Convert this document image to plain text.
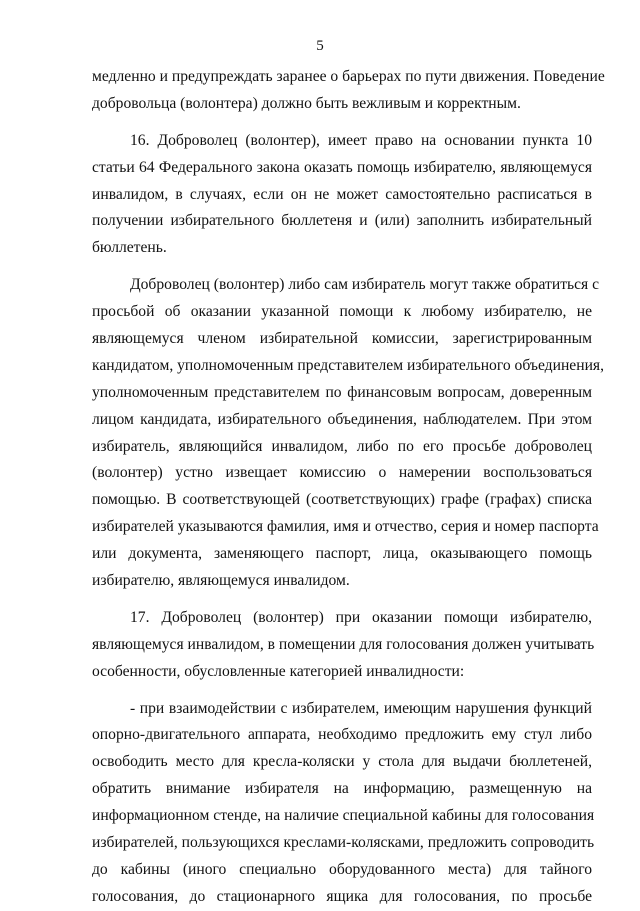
5
медленно и предупреждать заранее о барьерах по пути движения. Поведение
добровольца (волонтера) должно быть вежливым и корректным.
16. Доброволец (волонтер), имеет право на основании пункта 10
статьи 64 Федерального закона оказать помощь избирателю, являющемуся
инвалидом, в случаях, если он не может самостоятельно расписаться в
получении избирательного бюллетеня и (или) заполнить избирательный
бюллетень.
Доброволец (волонтер) либо сам избиратель могут также обратиться с
просьбой об оказании указанной помощи к любому избирателю, не
являющемуся членом избирательной комиссии, зарегистрированным
кандидатом, уполномоченным представителем избирательного объединения,
уполномоченным представителем по финансовым вопросам, доверенным
лицом кандидата, избирательного объединения, наблюдателем. При этом
избиратель, являющийся инвалидом, либо по его просьбе доброволец
(волонтер) устно извещает комиссию о намерении воспользоваться
помощью. В соответствующей (соответствующих) графе (графах) списка
избирателей указываются фамилия, имя и отчество, серия и номер паспорта
или документа, заменяющего паспорт, лица, оказывающего помощь
избирателю, являющемуся инвалидом.
17. Доброволец (волонтер) при оказании помощи избирателю,
являющемуся инвалидом, в помещении для голосования должен учитывать
особенности, обусловленные категорией инвалидности:
- при взаимодействии с избирателем, имеющим нарушения функций
опорно-двигательного аппарата, необходимо предложить ему стул либо
освободить место для кресла-коляски у стола для выдачи бюллетеней,
обратить внимание избирателя на информацию, размещенную на
информационном стенде, на наличие специальной кабины для голосования
избирателей, пользующихся креслами-колясками, предложить сопроводить
до кабины (иного специально оборудованного места) для тайного
голосования, до стационарного ящика для голосования, по просьбе
